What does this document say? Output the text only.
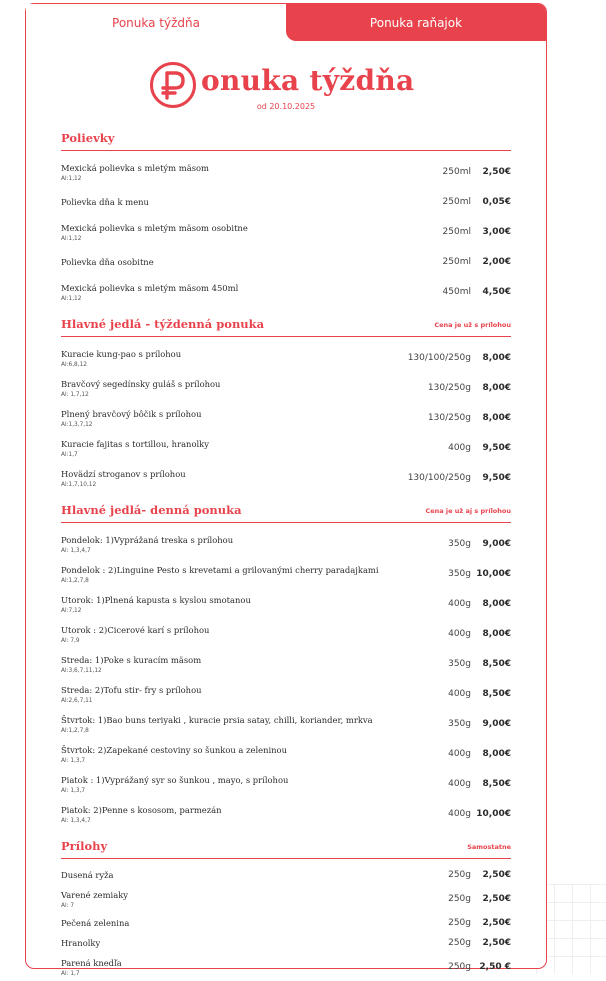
Ponuka týždňa	Ponuka raňajok
onuka týždňa
od 20.10.2025
Polievky
Mexická polievka s mletým mäsom
Al:1,12
250ml	2,50€
Polievka dňa k menu	250ml	0,05€
Mexická polievka s mletým mäsom osobitne
Al:1,12
250ml	3,00€
Polievka dňa osobitne	250ml	2,00€
Mexická polievka s mletým mäsom 450ml
Al:1,12
450ml	4,50€
Hlavné jedlá - týždenná ponuka	Cena je už s prílohou
Kuracie kung-pao s prílohou
Al:6,8,12
130/100/250g	8,00€
Bravčový segedínsky guláš s prílohou
Al: 1,7,12
130/250g	8,00€
Plnený bravčový bôčik s prílohou
Al:1,3,7,12
130/250g	8,00€
Kuracie fajitas s tortillou, hranolky
Al:1,7
400g	9,50€
Hovädzí stroganov s prílohou
Al:1,7,10,12
130/100/250g	9,50€
Hlavné jedlá- denná ponuka	Cena je už aj s prílohou
Pondelok: 1)Vyprážaná treska s prílohou
Al: 1,3,4,7
350g	9,00€
Pondelok : 2)Linguine Pesto s krevetami a grilovanými cherry paradajkami
Al:1,2,7,8
350g 10,00€
Utorok: 1)Plnená kapusta s kyslou smotanou
Al:7,12
400g	8,00€
Utorok : 2)Cicerové karí s prílohou
Al: 7,9
400g	8,00€
Streda: 1)Poke s kuracím mäsom
Al:3,6,7,11,12
350g	8,50€
Streda: 2)Tofu stir- fry s prílohou
Al:2,6,7,11
400g	8,50€
Štvrtok: 1)Bao buns teriyaki , kuracie prsia satay, chilli, koriander, mrkva
Al:1,2,7,8
350g	9,00€
Štvrtok: 2)Zapekané cestoviny so šunkou a zeleninou
Al: 1,3,7
400g	8,00€
Piatok : 1)Vyprážaný syr so šunkou , mayo, s prílohou
Al: 1,3,7
400g	8,50€
Piatok: 2)Penne s kososom, parmezán
Al: 1,3,4,7
400g 10,00€
Prílohy	Samostatne
Dusená ryža	250g	2,50€
Varené zemiaky
Al: 7
250g	2,50€
Pečená zelenina	250g	2,50€
Hranolky	250g	2,50€
Parená knedľa
Al: 1,7
250g 2,50 €
